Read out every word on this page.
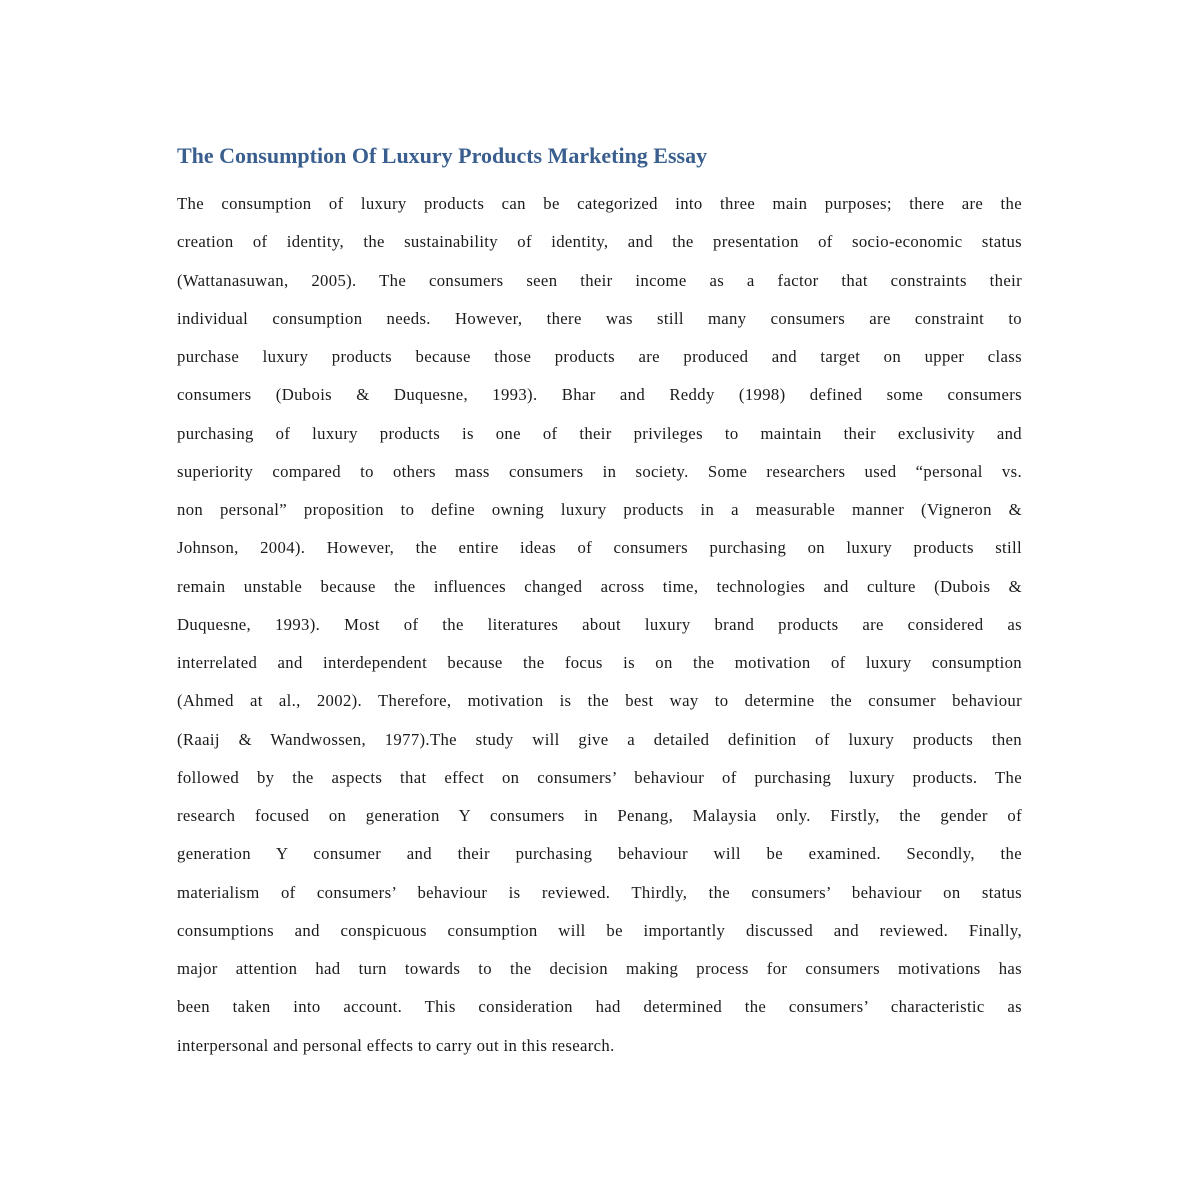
The Consumption Of Luxury Products Marketing Essay
The consumption of luxury products can be categorized into three main purposes; there are the
creation of identity, the sustainability of identity, and the presentation of socio-economic status
(Wattanasuwan, 2005). The consumers seen their income as a factor that constraints their
individual consumption needs. However, there was still many consumers are constraint to
purchase luxury products because those products are produced and target on upper class
consumers (Dubois & Duquesne, 1993). Bhar and Reddy (1998) defined some consumers
purchasing of luxury products is one of their privileges to maintain their exclusivity and
superiority compared to others mass consumers in society. Some researchers used “personal vs.
non personal” proposition to define owning luxury products in a measurable manner (Vigneron &
Johnson, 2004). However, the entire ideas of consumers purchasing on luxury products still
remain unstable because the influences changed across time, technologies and culture (Dubois &
Duquesne, 1993). Most of the literatures about luxury brand products are considered as
interrelated and interdependent because the focus is on the motivation of luxury consumption
(Ahmed at al., 2002). Therefore, motivation is the best way to determine the consumer behaviour
(Raaij & Wandwossen, 1977).The study will give a detailed definition of luxury products then
followed by the aspects that effect on consumers’ behaviour of purchasing luxury products. The
research focused on generation Y consumers in Penang, Malaysia only. Firstly, the gender of
generation Y consumer and their purchasing behaviour will be examined. Secondly, the
materialism of consumers’ behaviour is reviewed. Thirdly, the consumers’ behaviour on status
consumptions and conspicuous consumption will be importantly discussed and reviewed. Finally,
major attention had turn towards to the decision making process for consumers motivations has
been taken into account. This consideration had determined the consumers’ characteristic as
interpersonal and personal effects to carry out in this research.
